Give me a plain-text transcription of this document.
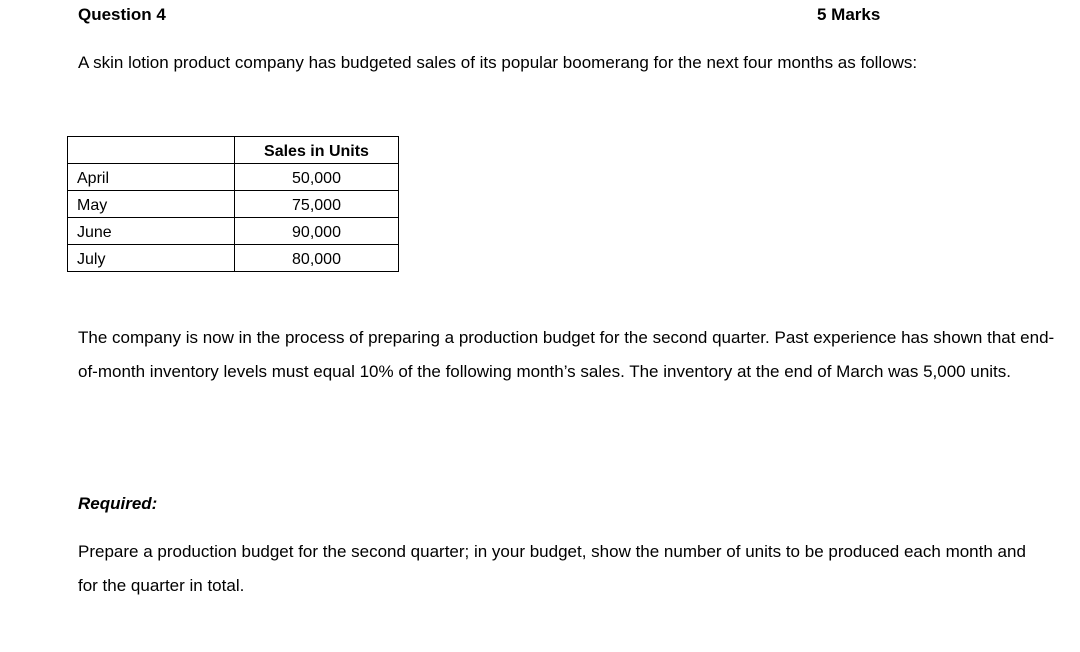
Question 4	5 Marks
A skin lotion product company has budgeted sales of its popular boomerang for the next four months as follows:
	Sales in Units
April	50,000
May	75,000
June	90,000
July	80,000
The company is now in the process of preparing a production budget for the second quarter. Past experience has shown that end-of-month inventory levels must equal 10% of the following month’s sales. The inventory at the end of March was 5,000 units.
Required:
Prepare a production budget for the second quarter; in your budget, show the number of units to be produced each month and for the quarter in total.
